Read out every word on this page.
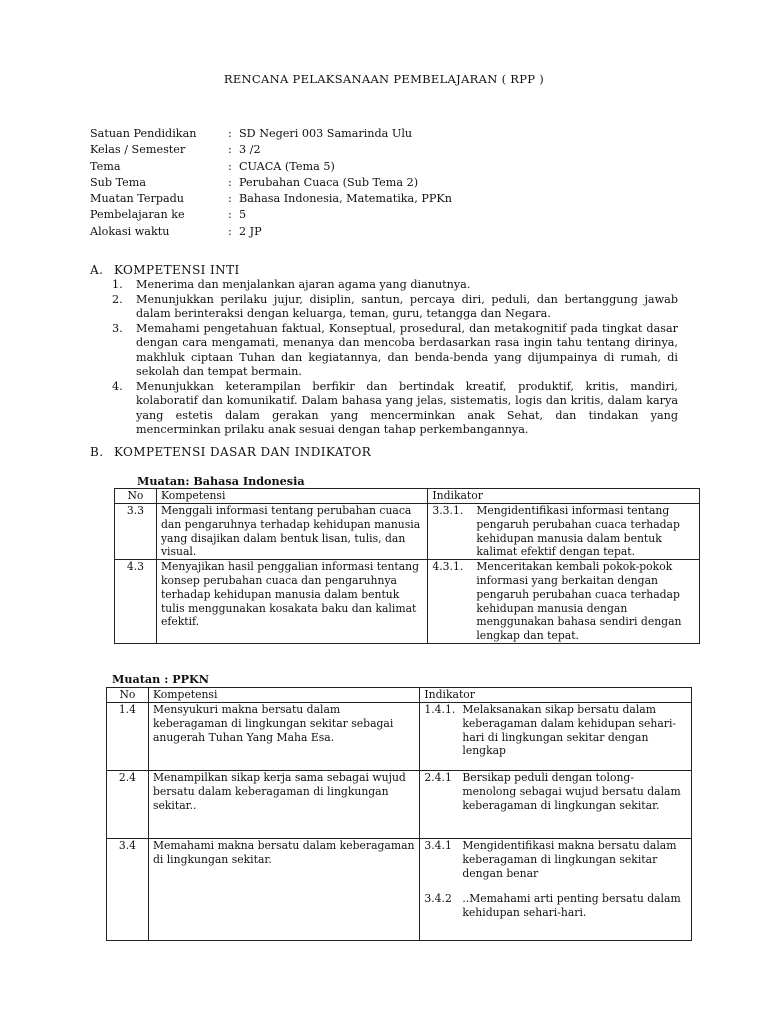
RENCANA PELAKSANAAN PEMBELAJARAN ( RPP )
Satuan Pendidikan	: SD Negeri 003 Samarinda Ulu
Kelas / Semester	: 3 /2
Tema	: CUACA (Tema 5)
Sub Tema	: Perubahan Cuaca (Sub Tema 2)
Muatan Terpadu	: Bahasa Indonesia, Matematika, PPKn
Pembelajaran ke	: 5
Alokasi waktu	: 2 JP
A. KOMPETENSI INTI
1.	Menerima dan menjalankan ajaran agama yang dianutnya.
2.	Menunjukkan perilaku jujur, disiplin, santun, percaya diri, peduli, dan bertanggung jawab dalam berinteraksi dengan keluarga, teman, guru, tetangga dan Negara.
3.	Memahami pengetahuan faktual, Konseptual, prosedural, dan metakognitif pada tingkat dasar dengan cara mengamati, menanya dan mencoba berdasarkan rasa ingin tahu tentang dirinya, makhluk ciptaan Tuhan dan kegiatannya, dan benda-benda yang dijumpainya di rumah, di sekolah dan tempat bermain.
4.	Menunjukkan keterampilan berfikir dan bertindak kreatif, produktif, kritis, mandiri, kolaboratif dan komunikatif. Dalam bahasa yang jelas, sistematis, logis dan kritis, dalam karya yang estetis dalam gerakan yang mencerminkan anak Sehat, dan tindakan yang mencerminkan prilaku anak sesuai dengan tahap perkembangannya.
B. KOMPETENSI DASAR DAN INDIKATOR
Muatan: Bahasa Indonesia
No	Kompetensi	Indikator
3.3	Menggali informasi tentang perubahan cuaca dan pengaruhnya terhadap kehidupan manusia yang disajikan dalam bentuk lisan, tulis, dan visual.	3.3.1. Mengidentifikasi informasi tentang pengaruh perubahan cuaca terhadap kehidupan manusia dalam bentuk kalimat efektif dengan tepat.

4.3	Menyajikan hasil penggalian informasi tentang konsep perubahan cuaca dan pengaruhnya terhadap kehidupan manusia dalam bentuk tulis menggunakan kosakata baku dan kalimat efektif.	4.3.1. Menceritakan kembali pokok-pokok informasi yang berkaitan dengan pengaruh perubahan cuaca terhadap kehidupan manusia dengan menggunakan bahasa sendiri dengan lengkap dan tepat.
Muatan : PPKN
No	Kompetensi	Indikator
1.4	Mensyukuri makna bersatu dalam keberagaman di lingkungan sekitar sebagai anugerah Tuhan Yang Maha Esa.	1.4.1. Melaksanakan sikap bersatu dalam keberagaman dalam kehidupan sehari-hari di lingkungan sekitar dengan lengkap

2.4	Menampilkan sikap kerja sama sebagai wujud bersatu dalam keberagaman di lingkungan sekitar..	2.4.1 Bersikap peduli dengan tolong-menolong sebagai wujud bersatu dalam keberagaman di lingkungan sekitar.

3.4	Memahami makna bersatu dalam keberagaman di lingkungan sekitar.	3.4.1 Mengidentifikasi makna bersatu dalam keberagaman di lingkungan sekitar dengan benar
3.4.2 ..Memahami arti penting bersatu dalam kehidupan sehari-hari.
